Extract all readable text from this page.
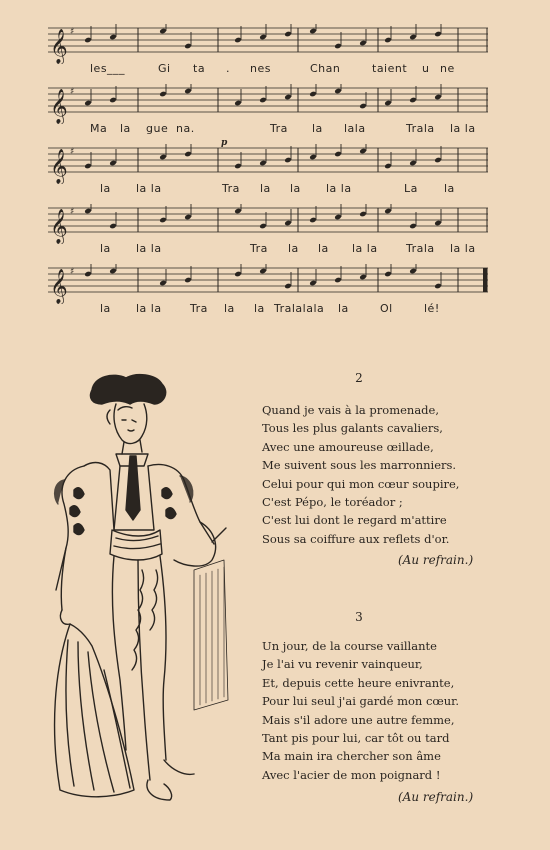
𝄞 ♯
les___	Gi ta . nes	Chan	taient u ne
𝄞 ♯
Ma la gue na.	Tra la lala	Trala la la
𝄞 ♯
la la la	Tra la la la la	La la
𝄞 ♯
la la la	Tra la la la la	Trala la la
𝄞 ♯
la la la	Tra la la Tralalala la	Ol	lé!
p
2
Quand je vais à la promenade,
Tous les plus galants cavaliers,
Avec une amoureuse œillade,
Me suivent sous les marronniers.
Celui pour qui mon cœur soupire,
C'est Pépo, le toréador ;
C'est lui dont le regard m'attire
Sous sa coiffure aux reflets d'or.
(Au refrain.)
3
Un jour, de la course vaillante
Je l'ai vu revenir vainqueur,
Et, depuis cette heure enivrante,
Pour lui seul j'ai gardé mon cœur.
Mais s'il adore une autre femme,
Tant pis pour lui, car tôt ou tard
Ma main ira chercher son âme
Avec l'acier de mon poignard !
(Au refrain.)
